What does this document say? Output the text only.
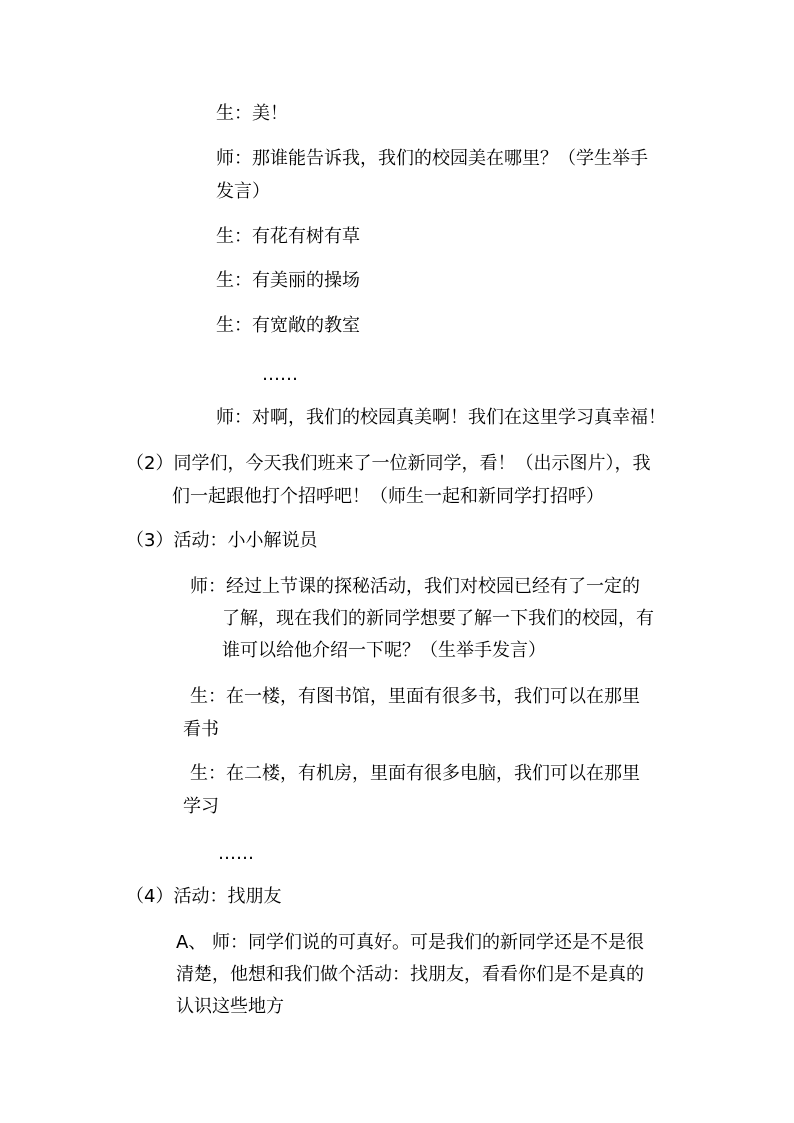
生：美！
师：那谁能告诉我，我们的校园美在哪里？（学生举手
发言）
生：有花有树有草
生：有美丽的操场
生：有宽敞的教室
……
师：对啊，我们的校园真美啊！我们在这里学习真幸福！
（2）同学们，今天我们班来了一位新同学，看！（出示图片），我
们一起跟他打个招呼吧！（师生一起和新同学打招呼）
（3）活动：小小解说员
师：经过上节课的探秘活动，我们对校园已经有了一定的
了解，现在我们的新同学想要了解一下我们的校园，有
谁可以给他介绍一下呢？（生举手发言）
生：在一楼，有图书馆，里面有很多书，我们可以在那里
看书
生：在二楼，有机房，里面有很多电脑，我们可以在那里
学习
……
（4）活动：找朋友
A、 师：同学们说的可真好。可是我们的新同学还是不是很
清楚，他想和我们做个活动：找朋友，看看你们是不是真的
认识这些地方
